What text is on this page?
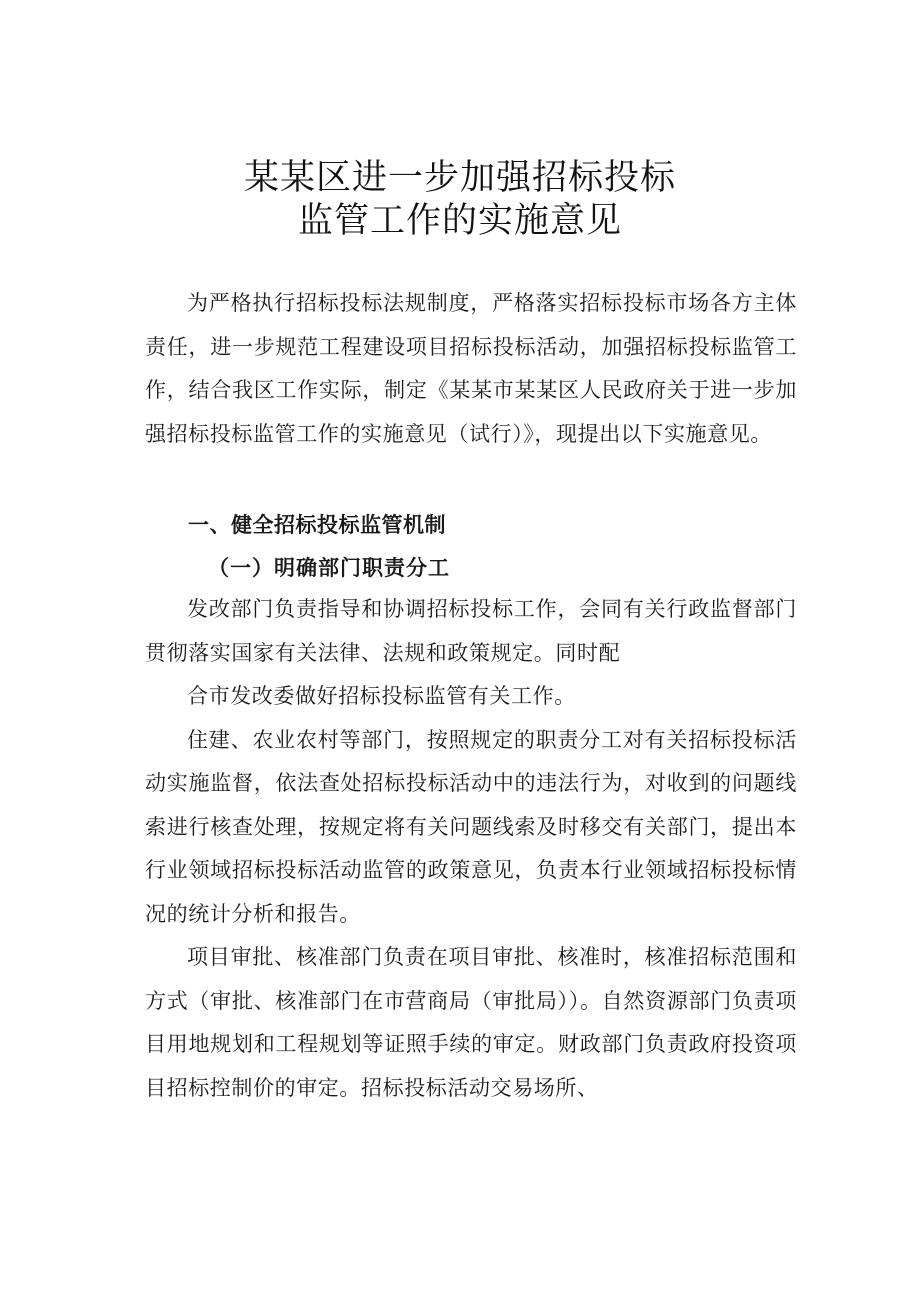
某某区进一步加强招标投标
监管工作的实施意见

为严格执行招标投标法规制度，严格落实招标投标市场各方主体责任，进一步规范工程建设项目招标投标活动，加强招标投标监管工作，结合我区工作实际，制定《某某市某某区人民政府关于进一步加强招标投标监管工作的实施意见（试行）》，现提出以下实施意见。

一、健全招标投标监管机制
（一）明确部门职责分工

发改部门负责指导和协调招标投标工作，会同有关行政监督部门贯彻落实国家有关法律、法规和政策规定。同时配

合市发改委做好招标投标监管有关工作。

住建、农业农村等部门，按照规定的职责分工对有关招标投标活动实施监督，依法查处招标投标活动中的违法行为，对收到的问题线索进行核查处理，按规定将有关问题线索及时移交有关部门，提出本行业领域招标投标活动监管的政策意见，负责本行业领域招标投标情况的统计分析和报告。

项目审批、核准部门负责在项目审批、核准时，核准招标范围和方式（审批、核准部门在市营商局（审批局））。自然资源部门负责项目用地规划和工程规划等证照手续的审定。财政部门负责政府投资项目招标控制价的审定。招标投标活动交易场所、
